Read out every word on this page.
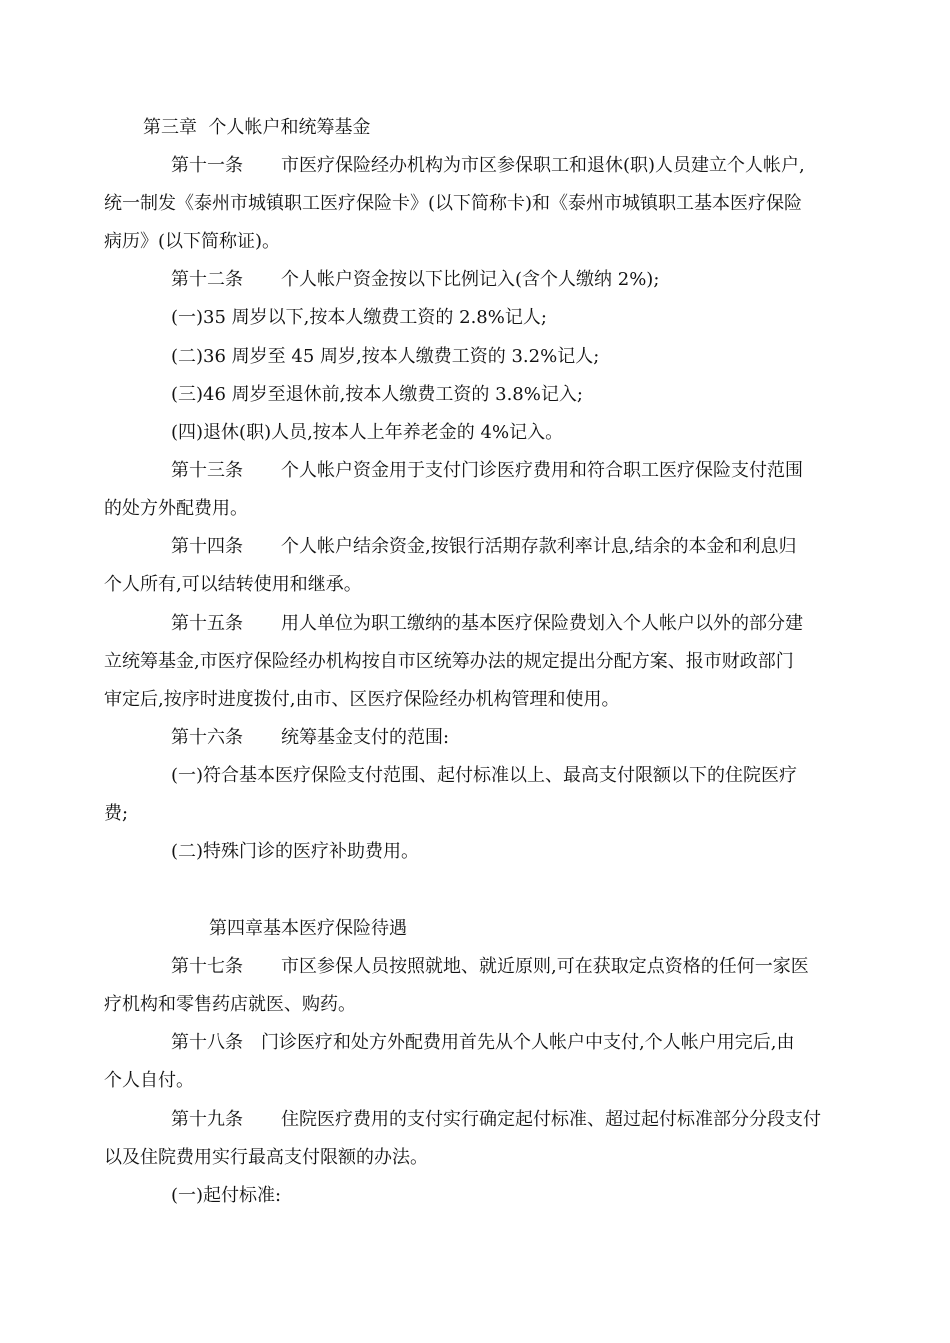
第三章  个人帐户和统筹基金
第十一条 市医疗保险经办机构为市区参保职工和退休(职)人员建立个人帐户,
统一制发《泰州市城镇职工医疗保险卡》(以下简称卡)和《泰州市城镇职工基本医疗保险
病历》(以下简称证)。
第十二条 个人帐户资金按以下比例记入(含个人缴纳 2%);
(一)35 周岁以下,按本人缴费工资的 2.8%记人;
(二)36 周岁至 45 周岁,按本人缴费工资的 3.2%记人;
(三)46 周岁至退休前,按本人缴费工资的 3.8%记入;
(四)退休(职)人员,按本人上年养老金的 4%记入。
第十三条 个人帐户资金用于支付门诊医疗费用和符合职工医疗保险支付范围
的处方外配费用。
第十四条 个人帐户结余资金,按银行活期存款利率计息,结余的本金和利息归
个人所有,可以结转使用和继承。
第十五条 用人单位为职工缴纳的基本医疗保险费划入个人帐户以外的部分建
立统筹基金,市医疗保险经办机构按自市区统筹办法的规定提出分配方案、报市财政部门
审定后,按序时进度拨付,由市、区医疗保险经办机构管理和使用。
第十六条 统筹基金支付的范围:
(一)符合基本医疗保险支付范围、起付标准以上、最高支付限额以下的住院医疗
费;
(二)特殊门诊的医疗补助费用。
第四章基本医疗保险待遇
第十七条 市区参保人员按照就地、就近原则,可在获取定点资格的任何一家医
疗机构和零售药店就医、购药。
第十八条 门诊医疗和处方外配费用首先从个人帐户中支付,个人帐户用完后,由
个人自付。
第十九条 住院医疗费用的支付实行确定起付标准、超过起付标准部分分段支付
以及住院费用实行最高支付限额的办法。
(一)起付标准:
